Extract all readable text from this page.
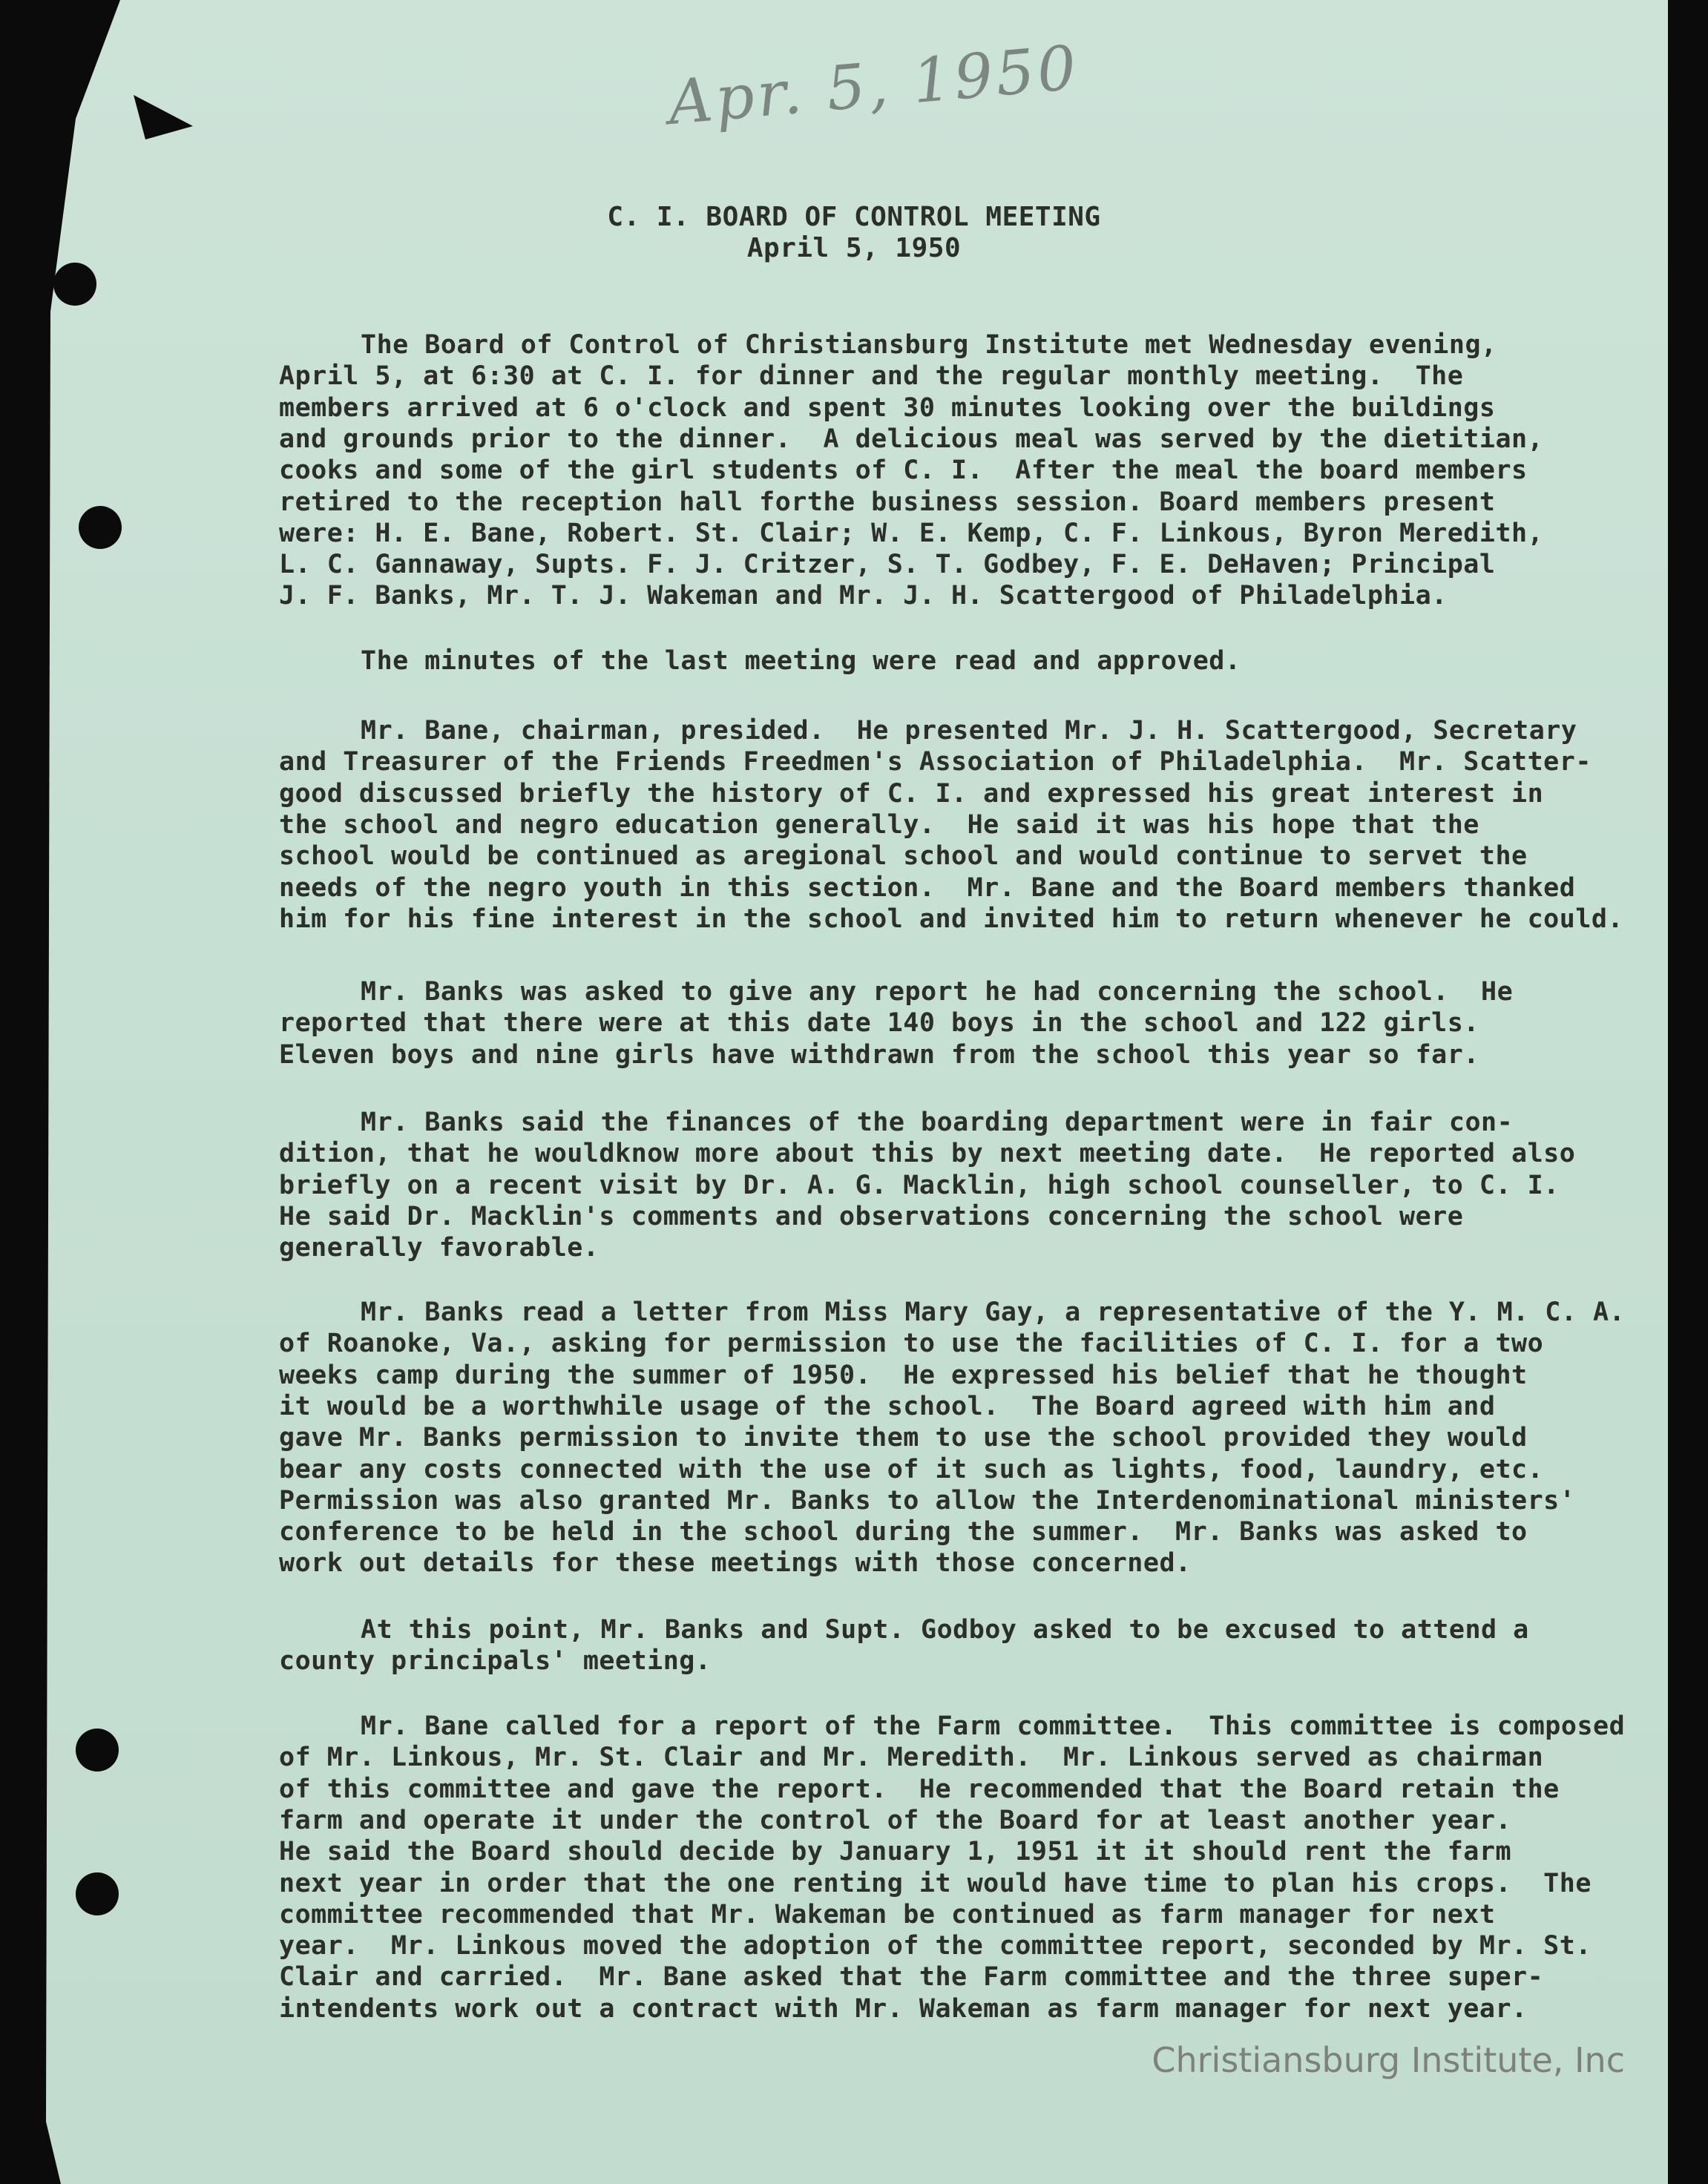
Apr. 5, 1950
C. I. BOARD OF CONTROL MEETING
April 5, 1950
The Board of Control of Christiansburg Institute met Wednesday evening,
April 5, at 6:30 at C. I. for dinner and the regular monthly meeting.  The
members arrived at 6 o'clock and spent 30 minutes looking over the buildings
and grounds prior to the dinner.  A delicious meal was served by the dietitian,
cooks and some of the girl students of C. I.  After the meal the board members
retired to the reception hall forthe business session. Board members present
were: H. E. Bane, Robert. St. Clair; W. E. Kemp, C. F. Linkous, Byron Meredith,
L. C. Gannaway, Supts. F. J. Critzer, S. T. Godbey, F. E. DeHaven; Principal
J. F. Banks, Mr. T. J. Wakeman and Mr. J. H. Scattergood of Philadelphia.
The minutes of the last meeting were read and approved.
Mr. Bane, chairman, presided.  He presented Mr. J. H. Scattergood, Secretary
and Treasurer of the Friends Freedmen's Association of Philadelphia.  Mr. Scatter-
good discussed briefly the history of C. I. and expressed his great interest in
the school and negro education generally.  He said it was his hope that the
school would be continued as aregional school and would continue to servet the
needs of the negro youth in this section.  Mr. Bane and the Board members thanked
him for his fine interest in the school and invited him to return whenever he could.
Mr. Banks was asked to give any report he had concerning the school.  He
reported that there were at this date 140 boys in the school and 122 girls.
Eleven boys and nine girls have withdrawn from the school this year so far.
Mr. Banks said the finances of the boarding department were in fair con-
dition, that he wouldknow more about this by next meeting date.  He reported also
briefly on a recent visit by Dr. A. G. Macklin, high school counseller, to C. I.
He said Dr. Macklin's comments and observations concerning the school were
generally favorable.
Mr. Banks read a letter from Miss Mary Gay, a representative of the Y. M. C. A.
of Roanoke, Va., asking for permission to use the facilities of C. I. for a two
weeks camp during the summer of 1950.  He expressed his belief that he thought
it would be a worthwhile usage of the school.  The Board agreed with him and
gave Mr. Banks permission to invite them to use the school provided they would
bear any costs connected with the use of it such as lights, food, laundry, etc.
Permission was also granted Mr. Banks to allow the Interdenominational ministers'
conference to be held in the school during the summer.  Mr. Banks was asked to
work out details for these meetings with those concerned.
At this point, Mr. Banks and Supt. Godboy asked to be excused to attend a
county principals' meeting.
Mr. Bane called for a report of the Farm committee.  This committee is composed
of Mr. Linkous, Mr. St. Clair and Mr. Meredith.  Mr. Linkous served as chairman
of this committee and gave the report.  He recommended that the Board retain the
farm and operate it under the control of the Board for at least another year.
He said the Board should decide by January 1, 1951 it it should rent the farm
next year in order that the one renting it would have time to plan his crops.  The
committee recommended that Mr. Wakeman be continued as farm manager for next
year.  Mr. Linkous moved the adoption of the committee report, seconded by Mr. St.
Clair and carried.  Mr. Bane asked that the Farm committee and the three super-
intendents work out a contract with Mr. Wakeman as farm manager for next year.
Christiansburg Institute, Inc
